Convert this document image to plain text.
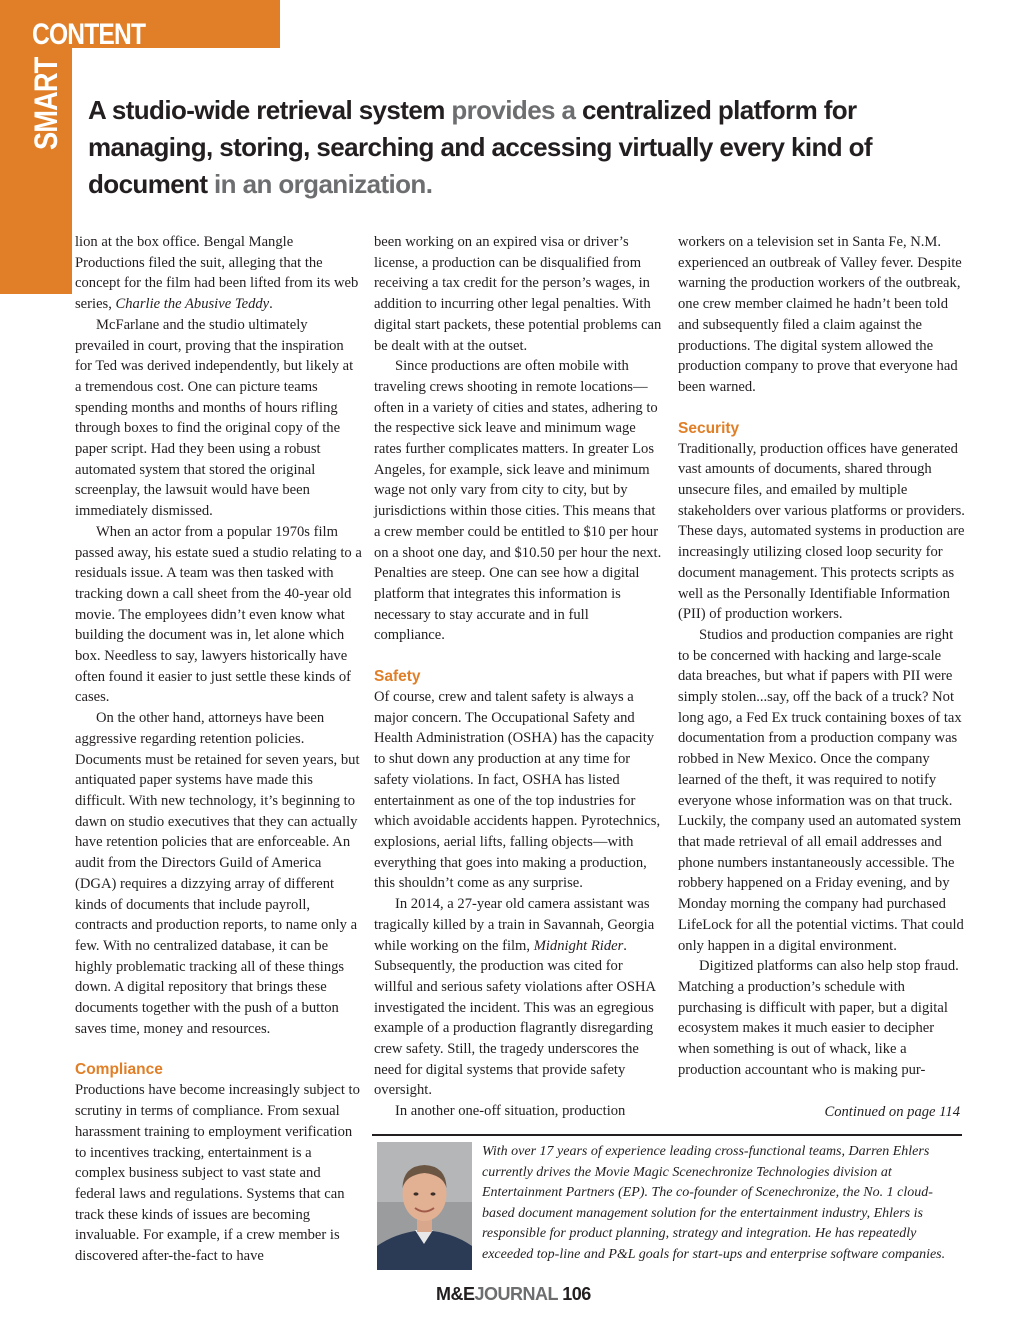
CONTENT
SMART A studio-wide retrieval system provides a centralized platform for managing, storing, searching and accessing virtually every kind of document in an organization.

lion at the box office. Bengal Mangle Productions filed the suit, alleging that the concept for the film had been lifted from its web series, Charlie the Abusive Teddy.

McFarlane and the studio ultimately prevailed in court, proving that the inspiration for Ted was derived independently, but likely at a tremendous cost. One can picture teams spending months and months of hours rifling through boxes to find the original copy of the paper script. Had they been using a robust automated system that stored the original screenplay, the lawsuit would have been immediately dismissed.

When an actor from a popular 1970s film passed away, his estate sued a studio relating to a residuals issue. A team was then tasked with tracking down a call sheet from the 40-year old movie. The employees didn’t even know what building the document was in, let alone which box. Needless to say, lawyers historically have often found it easier to just settle these kinds of cases.

On the other hand, attorneys have been aggressive regarding retention policies. Documents must be retained for seven years, but antiquated paper systems have made this difficult. With new technology, it’s beginning to dawn on studio executives that they can actually have retention policies that are enforceable. An audit from the Directors Guild of America (DGA) requires a dizzying array of different kinds of documents that include payroll, contracts and production reports, to name only a few. With no centralized database, it can be highly problematic tracking all of these things down. A digital repository that brings these documents together with the push of a button saves time, money and resources.

Compliance

Productions have become increasingly subject to scrutiny in terms of compliance. From sexual harassment training to employment verification to incentives tracking, entertainment is a complex business subject to vast state and federal laws and regulations. Systems that can track these kinds of issues are becoming invaluable. For example, if a crew member is discovered after-the-fact to have

been working on an expired visa or driver’s license, a production can be disqualified from receiving a tax credit for the person’s wages, in addition to incurring other legal penalties. With digital start packets, these potential problems can be dealt with at the outset.

Since productions are often mobile with traveling crews shooting in remote locations—often in a variety of cities and states, adhering to the respective sick leave and minimum wage rates further complicates matters. In greater Los Angeles, for example, sick leave and minimum wage not only vary from city to city, but by jurisdictions within those cities. This means that a crew member could be entitled to $10 per hour on a shoot one day, and $10.50 per hour the next. Penalties are steep. One can see how a digital platform that integrates this information is necessary to stay accurate and in full compliance.

Safety

Of course, crew and talent safety is always a major concern. The Occupational Safety and Health Administration (OSHA) has the capacity to shut down any production at any time for safety violations. In fact, OSHA has listed entertainment as one of the top industries for which avoidable accidents happen. Pyrotechnics, explosions, aerial lifts, falling objects—with everything that goes into making a production, this shouldn’t come as any surprise.

In 2014, a 27-year old camera assistant was tragically killed by a train in Savannah, Georgia while working on the film, Midnight Rider. Subsequently, the production was cited for willful and serious safety violations after OSHA investigated the incident. This was an egregious example of a production flagrantly disregarding crew safety. Still, the tragedy underscores the need for digital systems that provide safety oversight.

In another one-off situation, production

workers on a television set in Santa Fe, N.M. experienced an outbreak of Valley fever. Despite warning the production workers of the outbreak, one crew member claimed he hadn’t been told and subsequently filed a claim against the productions. The digital system allowed the production company to prove that everyone had been warned.

Security

Traditionally, production offices have generated vast amounts of documents, shared through unsecure files, and emailed by multiple stakeholders over various platforms or providers. These days, automated systems in production are increasingly utilizing closed loop security for document management. This protects scripts as well as the Personally Identifiable Information (PII) of production workers.

Studios and production companies are right to be concerned with hacking and large-scale data breaches, but what if papers with PII were simply stolen...say, off the back of a truck? Not long ago, a Fed Ex truck containing boxes of tax documentation from a production company was robbed in New Mexico. Once the company learned of the theft, it was required to notify everyone whose information was on that truck. Luckily, the company used an automated system that made retrieval of all email addresses and phone numbers instantaneously accessible. The robbery happened on a Friday evening, and by Monday morning the company had purchased LifeLock for all the potential victims. That could only happen in a digital environment.

Digitized platforms can also help stop fraud. Matching a production’s schedule with purchasing is difficult with paper, but a digital ecosystem makes it much easier to decipher when something is out of whack, like a production accountant who is making pur-

Continued on page 114
With over 17 years of experience leading cross-functional teams, Darren Ehlers currently drives the Movie Magic Scenechronize Technologies division at Entertainment Partners (EP). The co-founder of Scenechronize, the No. 1 cloud-based document management solution for the entertainment industry, Ehlers is responsible for product planning, strategy and integration. He has repeatedly exceeded top-line and P&L goals for start-ups and enterprise software companies.
M&EJOURNAL 106
